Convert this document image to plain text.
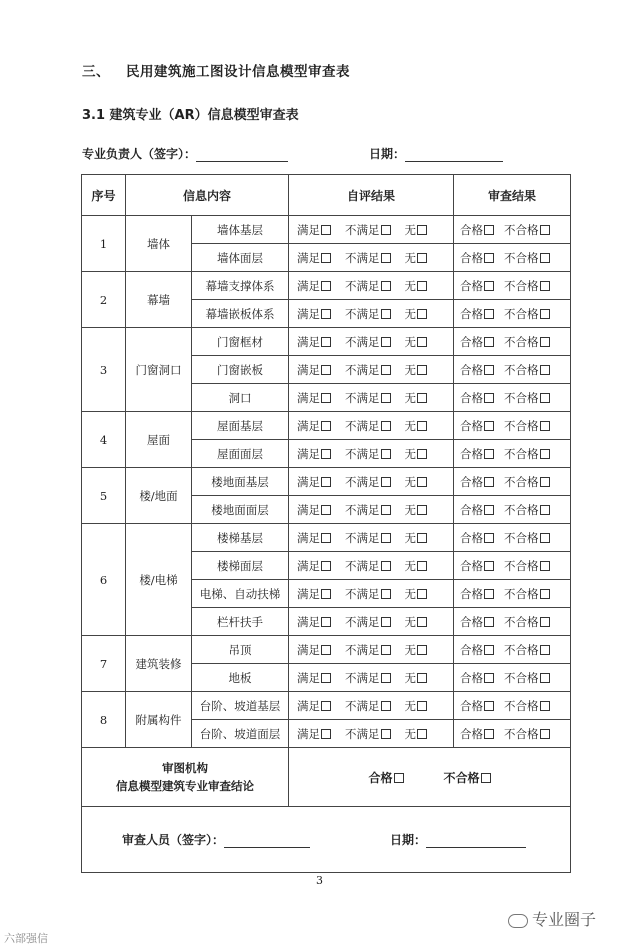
三、 民用建筑施工图设计信息模型审查表
3.1 建筑专业（AR）信息模型审查表
专业负责人（签字）：	日期：
序号	信息内容		自评结果	审查结果
1	墙体	墙体基层	满足 不满足 无	合格 不合格
		墙体面层	满足 不满足 无	合格 不合格
2	幕墙	幕墙支撑体系	满足 不满足 无	合格 不合格
		幕墙嵌板体系	满足 不满足 无	合格 不合格
3	门窗洞口	门窗框材	满足 不满足 无	合格 不合格
		门窗嵌板	满足 不满足 无	合格 不合格
		洞口	满足 不满足 无	合格 不合格
4	屋面	屋面基层	满足 不满足 无	合格 不合格
		屋面面层	满足 不满足 无	合格 不合格
5	楼/地面	楼地面基层	满足 不满足 无	合格 不合格
		楼地面面层	满足 不满足 无	合格 不合格
6	楼/电梯	楼梯基层	满足 不满足 无	合格 不合格
		楼梯面层	满足 不满足 无	合格 不合格
		电梯、自动扶梯	满足 不满足 无	合格 不合格
		栏杆扶手	满足 不满足 无	合格 不合格
7	建筑装修	吊顶	满足 不满足 无	合格 不合格
		地板	满足 不满足 无	合格 不合格
8	附属构件	台阶、坡道基层	满足 不满足 无	合格 不合格
		台阶、坡道面层	满足 不满足 无	合格 不合格

审图机构
信息模型建筑专业审查结论			合格 不合格	
审查人员（签字）： 日期：				
3
专业圈子
六部强信
